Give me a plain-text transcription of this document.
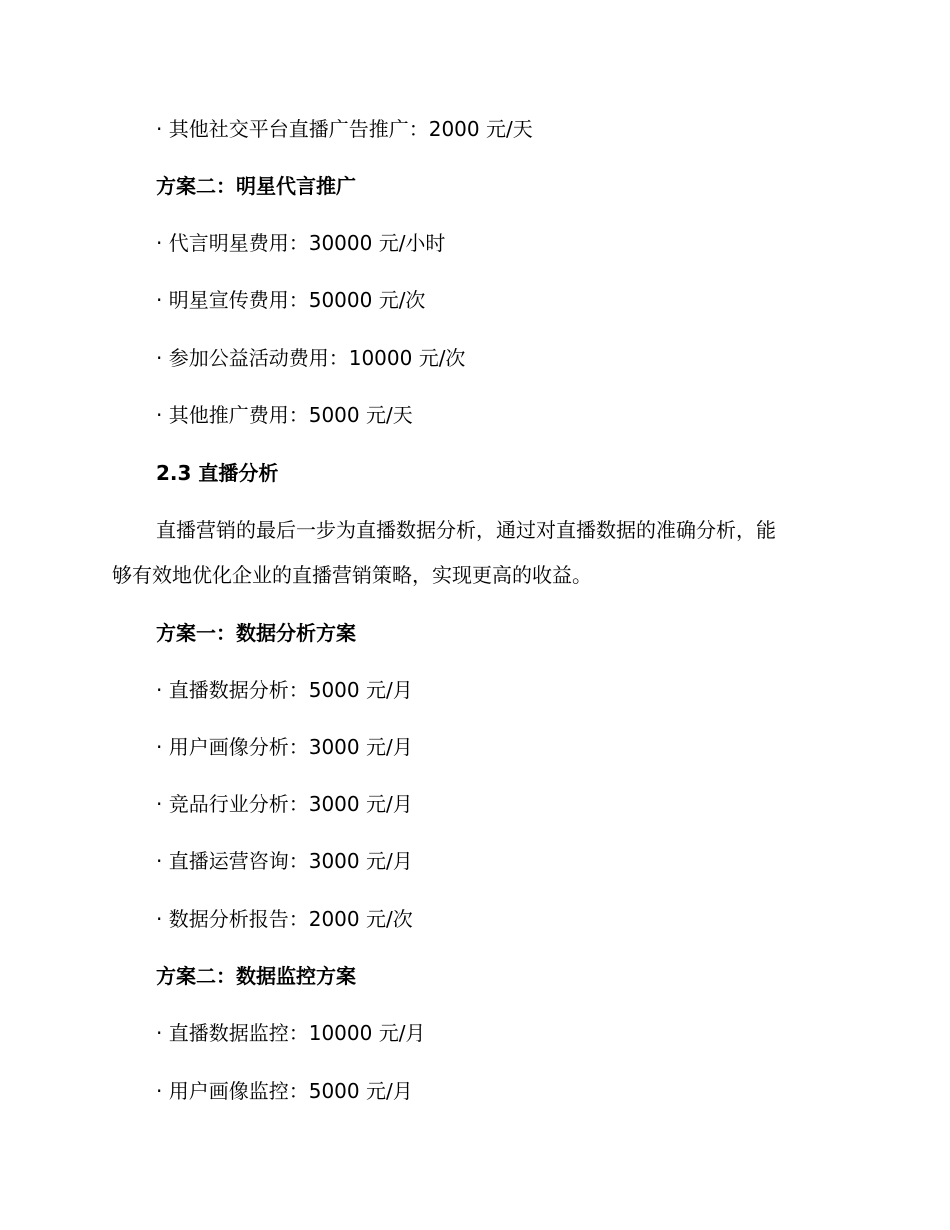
· 其他社交平台直播广告推广：2000 元/天
方案二：明星代言推广
· 代言明星费用：30000 元/小时
· 明星宣传费用：50000 元/次
· 参加公益活动费用：10000 元/次
· 其他推广费用：5000 元/天
2.3 直播分析
直播营销的最后一步为直播数据分析，通过对直播数据的准确分析，能
够有效地优化企业的直播营销策略，实现更高的收益。
方案一：数据分析方案
· 直播数据分析：5000 元/月
· 用户画像分析：3000 元/月
· 竞品行业分析：3000 元/月
· 直播运营咨询：3000 元/月
· 数据分析报告：2000 元/次
方案二：数据监控方案
· 直播数据监控：10000 元/月
· 用户画像监控：5000 元/月
